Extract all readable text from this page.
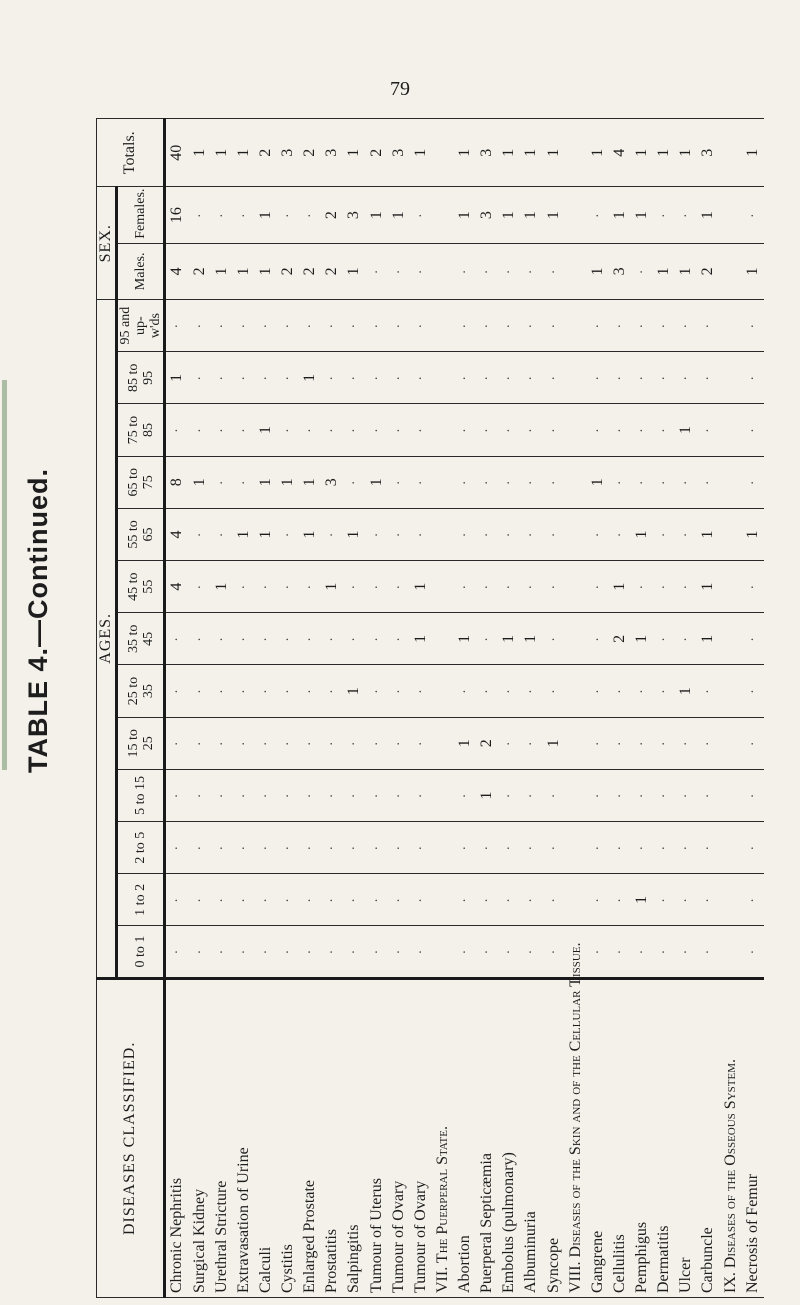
79
TABLE 4.—Continued.
DISEASES CLASSIFIED.	AGES.													SEX.		Totals.
	0 to 1	1 to 2	2 to 5	5 to 15	15 to 25	25 to 35	35 to 45	45 to 55	55 to 65	65 to 75	75 to 85	85 to 95	95 and up-w'ds	Males.	Females.	
Chronic Nephritis	·	·	·	·	·	·	·	4	4	8	·	1	·	4	16	40
Surgical Kidney	·	·	·	·	·	·	·	·	·	1	·	·	·	2	·	1
Urethral Stricture	·	·	·	·	·	·	·	1	·	·	·	·	·	1	·	1
Extravasation of Urine	·	·	·	·	·	·	·	·	1	·	·	·	·	1	·	1
Calculi	·	·	·	·	·	·	·	·	1	1	1	·	·	1	1	2
Cystitis	·	·	·	·	·	·	·	·	·	1	·	·	·	2	·	3
Enlarged Prostate	·	·	·	·	·	·	·	·	1	1	·	1	·	2	·	2
Prostatitis	·	·	·	·	·	·	·	1	·	3	·	·	·	2	2	3
Salpingitis	·	·	·	·	·	1	·	·	1	·	·	·	·	1	3	1
Tumour of Uterus	·	·	·	·	·	·	·	·	·	1	·	·	·	·	1	2
Tumour of Ovary	·	·	·	·	·	·	·	·	·	·	·	·	·	·	1	3
Tumour of Ovary	·	·	·	·	·	·	1	1	·	·	·	·	·	·	·	1
VII. The Puerperal State.																
Abortion	·	·	·	·	1	·	1	·	·	·	·	·	·	·	1	1
Puerperal Septicæmia	·	·	·	1	2	·	·	·	·	·	·	·	·	·	3	3
Embolus (pulmonary)	·	·	·	·	·	·	1	·	·	·	·	·	·	·	1	1
Albuminuria	·	·	·	·	·	·	1	·	·	·	·	·	·	·	1	1
Syncope	·	·	·	·	1	·	·	·	·	·	·	·	·	·	1	1
VIII. Diseases of the Skin and of the Cellular Tissue.																
Gangrene	·	·	·	·	·	·	·	·	·	1	·	·	·	1	·	1
Cellulitis	·	·	·	·	·	·	2	1	·	·	·	·	·	3	1	4
Pemphigus	·	1	·	·	·	·	1	·	1	·	·	·	·	·	1	1
Dermatitis	·	·	·	·	·	·	·	·	·	·	·	·	·	1	·	1
Ulcer	·	·	·	·	·	1	·	·	·	·	1	·	·	1	·	1
Carbuncle	·	·	·	·	·	·	1	1	1	·	·	·	·	2	1	3
IX. Diseases of the Osseous System.																
Necrosis of Femur	·	·	·	·	·	·	·	·	1	·	·	·	·	1	·	1
